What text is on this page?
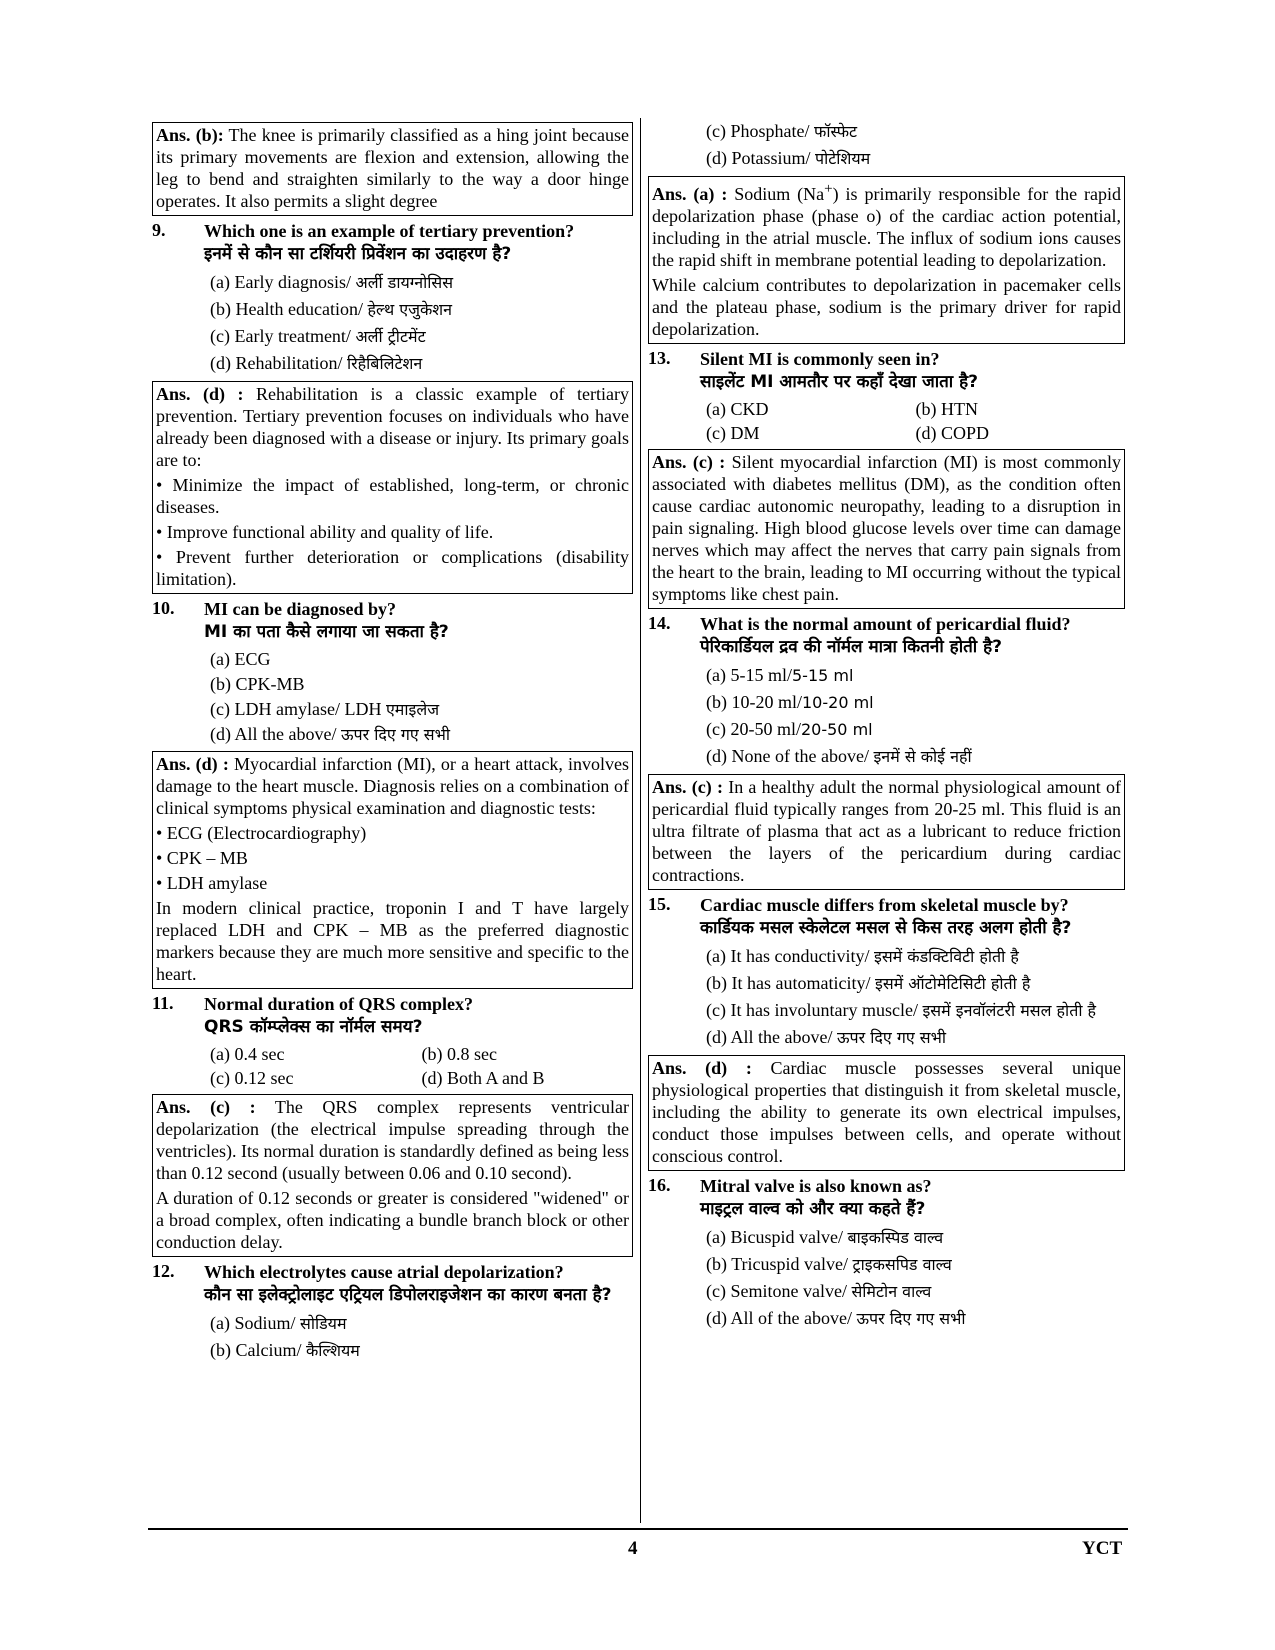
Ans. (b): The knee is primarily classified as a hing joint because its primary movements are flexion and extension, allowing the leg to bend and straighten similarly to the way a door hinge operates. It also permits a slight degree

9.	Which one is an example of tertiary prevention?
इनमें से कौन सा टर्शियरी प्रिवेंशन का उदाहरण है?
(a) Early diagnosis/ अर्ली डायग्नोसिस
(b) Health education/ हेल्थ एजुकेशन
(c) Early treatment/ अर्ली ट्रीटमेंट
(d) Rehabilitation/ रिहैबिलिटेशन

Ans. (d) : Rehabilitation is a classic example of tertiary prevention. Tertiary prevention focuses on individuals who have already been diagnosed with a disease or injury. Its primary goals are to:

• Minimize the impact of established, long-term, or chronic diseases.

• Improve functional ability and quality of life.

• Prevent further deterioration or complications (disability limitation).

10.	MI can be diagnosed by?
MI का पता कैसे लगाया जा सकता है?
(a) ECG
(b) CPK-MB
(c) LDH amylase/ LDH एमाइलेज
(d) All the above/ ऊपर दिए गए सभी

Ans. (d) : Myocardial infarction (MI), or a heart attack, involves damage to the heart muscle. Diagnosis relies on a combination of clinical symptoms physical examination and diagnostic tests:

• ECG (Electrocardiography)

• CPK – MB

• LDH amylase

In modern clinical practice, troponin I and T have largely replaced LDH and CPK – MB as the preferred diagnostic markers because they are much more sensitive and specific to the heart.

11.	Normal duration of QRS complex?
QRS कॉम्प्लेक्स का नॉर्मल समय?
(a) 0.4 sec	(b) 0.8 sec
(c) 0.12 sec	(d) Both A and B

Ans. (c) : The QRS complex represents ventricular depolarization (the electrical impulse spreading through the ventricles). Its normal duration is standardly defined as being less than 0.12 second (usually between 0.06 and 0.10 second).

A duration of 0.12 seconds or greater is considered "widened" or a broad complex, often indicating a bundle branch block or other conduction delay.

12.	Which electrolytes cause atrial depolarization?
कौन सा इलेक्ट्रोलाइट एट्रियल डिपोलराइजेशन का कारण बनता है?
(a) Sodium/ सोडियम
(b) Calcium/ कैल्शियम
(c) Phosphate/ फॉस्फेट
(d) Potassium/ पोटेशियम

Ans. (a) : Sodium (Na+) is primarily responsible for the rapid depolarization phase (phase o) of the cardiac action potential, including in the atrial muscle. The influx of sodium ions causes the rapid shift in membrane potential leading to depolarization.

While calcium contributes to depolarization in pacemaker cells and the plateau phase, sodium is the primary driver for rapid depolarization.

13.	Silent MI is commonly seen in?
साइलेंट MI आमतौर पर कहाँ देखा जाता है?
(a) CKD	(b) HTN
(c) DM	(d) COPD

Ans. (c) : Silent myocardial infarction (MI) is most commonly associated with diabetes mellitus (DM), as the condition often cause cardiac autonomic neuropathy, leading to a disruption in pain signaling. High blood glucose levels over time can damage nerves which may affect the nerves that carry pain signals from the heart to the brain, leading to MI occurring without the typical symptoms like chest pain.

14.	What is the normal amount of pericardial fluid?
पेरिकार्डियल द्रव की नॉर्मल मात्रा कितनी होती है?
(a) 5-15 ml/5-15 ml
(b) 10-20 ml/10-20 ml
(c) 20-50 ml/20-50 ml
(d) None of the above/ इनमें से कोई नहीं

Ans. (c) : In a healthy adult the normal physiological amount of pericardial fluid typically ranges from 20-25 ml. This fluid is an ultra filtrate of plasma that act as a lubricant to reduce friction between the layers of the pericardium during cardiac contractions.

15.	Cardiac muscle differs from skeletal muscle by?
कार्डियक मसल स्केलेटल मसल से किस तरह अलग होती है?
(a) It has conductivity/ इसमें कंडक्टिविटी होती है
(b) It has automaticity/ इसमें ऑटोमेटिसिटी होती है
(c) It has involuntary muscle/ इसमें इनवॉलंटरी मसल होती है
(d) All the above/ ऊपर दिए गए सभी

Ans. (d) : Cardiac muscle possesses several unique physiological properties that distinguish it from skeletal muscle, including the ability to generate its own electrical impulses, conduct those impulses between cells, and operate without conscious control.

16.	Mitral valve is also known as?
माइट्रल वाल्व को और क्या कहते हैं?
(a) Bicuspid valve/ बाइकस्पिड वाल्व
(b) Tricuspid valve/ ट्राइकसपिड वाल्व
(c) Semitone valve/ सेमिटोन वाल्व
(d) All of the above/ ऊपर दिए गए सभी
4	YCT
